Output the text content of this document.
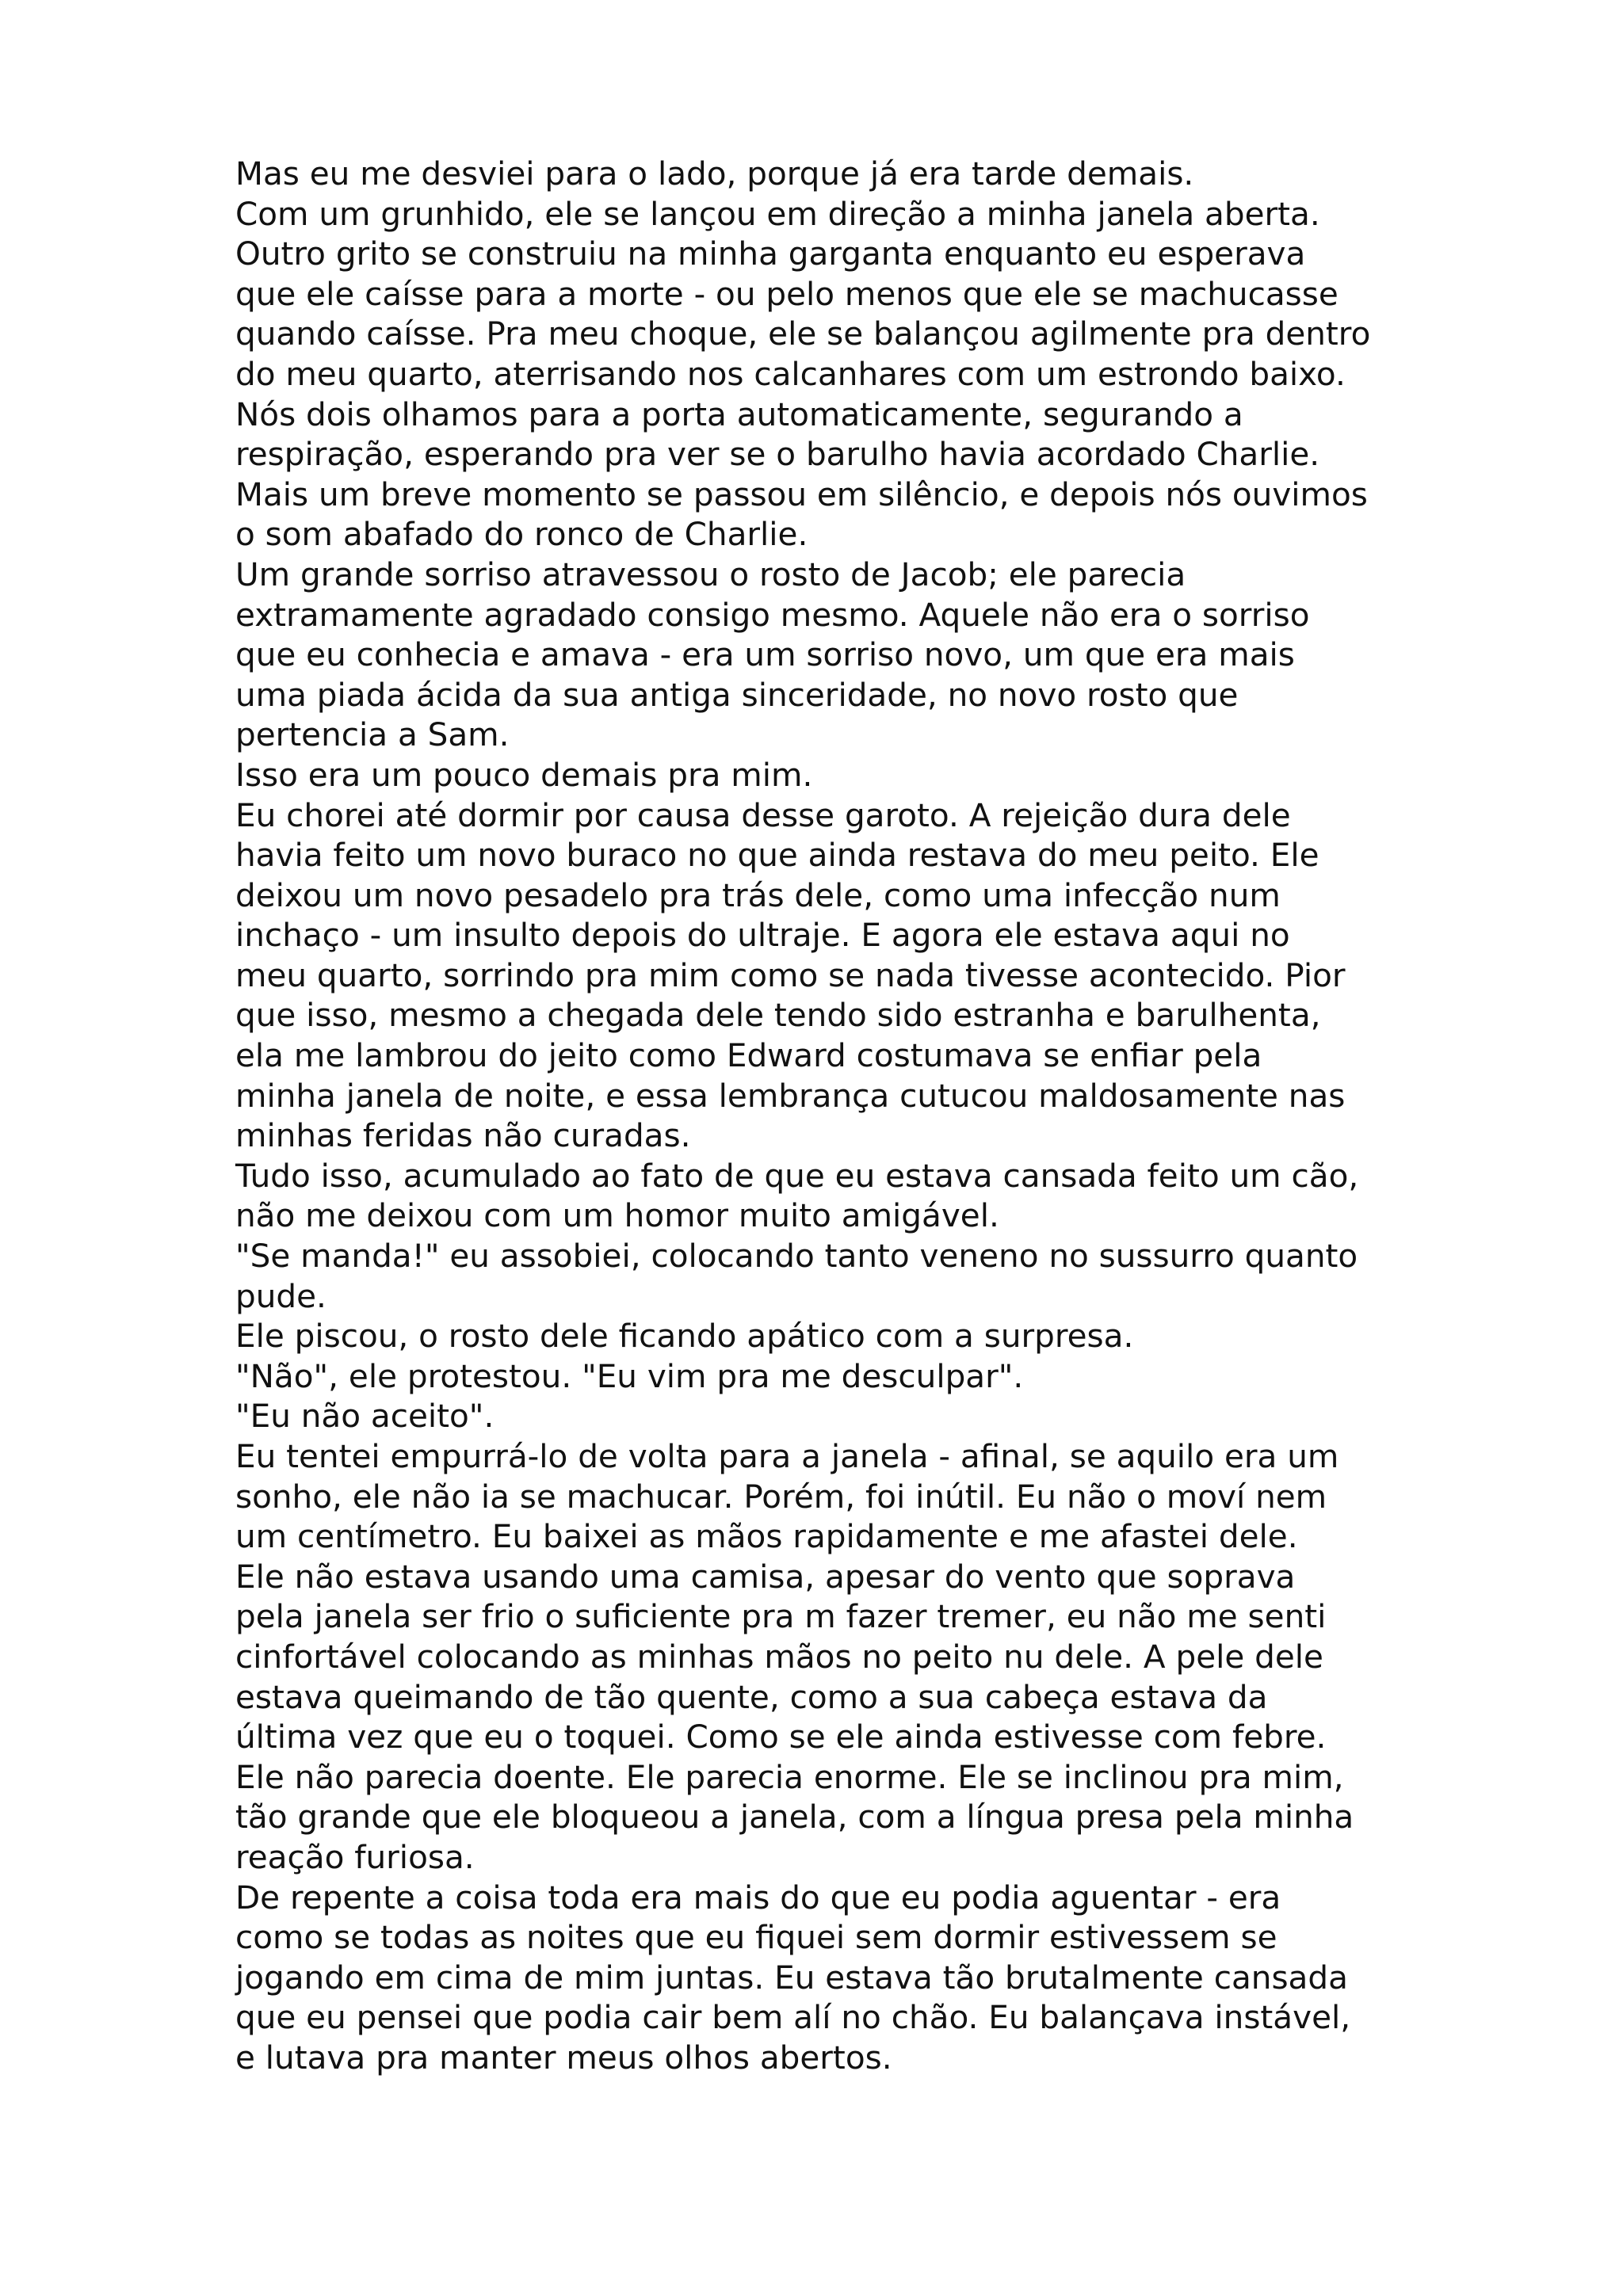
Mas eu me desviei para o lado, porque já era tarde demais.
Com um grunhido, ele se lançou em direção a minha janela aberta.
Outro grito se construiu na minha garganta enquanto eu esperava
que ele caísse para a morte - ou pelo menos que ele se machucasse
quando caísse. Pra meu choque, ele se balançou agilmente pra dentro
do meu quarto, aterrisando nos calcanhares com um estrondo baixo.
Nós dois olhamos para a porta automaticamente, segurando a
respiração, esperando pra ver se o barulho havia acordado Charlie.
Mais um breve momento se passou em silêncio, e depois nós ouvimos
o som abafado do ronco de Charlie.
Um grande sorriso atravessou o rosto de Jacob; ele parecia
extramamente agradado consigo mesmo. Aquele não era o sorriso
que eu conhecia e amava - era um sorriso novo, um que era mais
uma piada ácida da sua antiga sinceridade, no novo rosto que
pertencia a Sam.
Isso era um pouco demais pra mim.
Eu chorei até dormir por causa desse garoto. A rejeição dura dele
havia feito um novo buraco no que ainda restava do meu peito. Ele
deixou um novo pesadelo pra trás dele, como uma infecção num
inchaço - um insulto depois do ultraje. E agora ele estava aqui no
meu quarto, sorrindo pra mim como se nada tivesse acontecido. Pior
que isso, mesmo a chegada dele tendo sido estranha e barulhenta,
ela me lambrou do jeito como Edward costumava se enfiar pela
minha janela de noite, e essa lembrança cutucou maldosamente nas
minhas feridas não curadas.
Tudo isso, acumulado ao fato de que eu estava cansada feito um cão,
não me deixou com um homor muito amigável.
"Se manda!" eu assobiei, colocando tanto veneno no sussurro quanto
pude.
Ele piscou, o rosto dele ficando apático com a surpresa.
"Não", ele protestou. "Eu vim pra me desculpar".
"Eu não aceito".
Eu tentei empurrá-lo de volta para a janela - afinal, se aquilo era um
sonho, ele não ia se machucar. Porém, foi inútil. Eu não o moví nem
um centímetro. Eu baixei as mãos rapidamente e me afastei dele.
Ele não estava usando uma camisa, apesar do vento que soprava
pela janela ser frio o suficiente pra m fazer tremer, eu não me senti
cinfortável colocando as minhas mãos no peito nu dele. A pele dele
estava queimando de tão quente, como a sua cabeça estava da
última vez que eu o toquei. Como se ele ainda estivesse com febre.
Ele não parecia doente. Ele parecia enorme. Ele se inclinou pra mim,
tão grande que ele bloqueou a janela, com a língua presa pela minha
reação furiosa.
De repente a coisa toda era mais do que eu podia aguentar - era
como se todas as noites que eu fiquei sem dormir estivessem se
jogando em cima de mim juntas. Eu estava tão brutalmente cansada
que eu pensei que podia cair bem alí no chão. Eu balançava instável,
e lutava pra manter meus olhos abertos.
